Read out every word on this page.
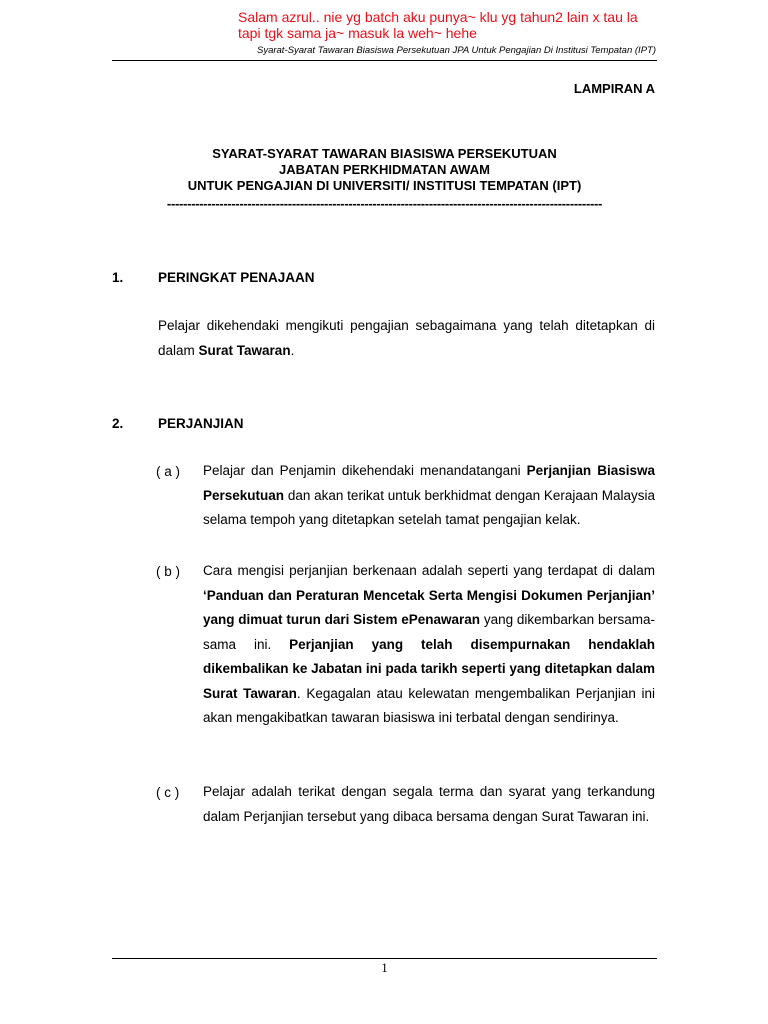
Salam azrul.. nie yg batch aku punya~ klu yg tahun2 lain x tau la
tapi tgk sama ja~ masuk la weh~ hehe
Syarat-Syarat Tawaran Biasiswa Persekutuan JPA Untuk Pengajian Di Institusi Tempatan (IPT)
LAMPIRAN A
SYARAT-SYARAT TAWARAN BIASISWA PERSEKUTUAN
JABATAN PERKHIDMATAN AWAM
UNTUK PENGAJIAN DI UNIVERSITI/ INSTITUSI TEMPATAN (IPT)
------------------------------------------------------------------------------------------------------------
1.	PERINGKAT PENAJAAN
Pelajar dikehendaki mengikuti pengajian sebagaimana yang telah ditetapkan di dalam Surat Tawaran.
2.	PERJANJIAN
( a ) Pelajar dan Penjamin dikehendaki menandatangani Perjanjian Biasiswa Persekutuan dan akan terikat untuk berkhidmat dengan Kerajaan Malaysia selama tempoh yang ditetapkan setelah tamat pengajian kelak.
( b ) Cara mengisi perjanjian berkenaan adalah seperti yang terdapat di dalam ‘Panduan dan Peraturan Mencetak Serta Mengisi Dokumen Perjanjian’ yang dimuat turun dari Sistem ePenawaran yang dikembarkan bersama-sama ini. Perjanjian yang telah disempurnakan hendaklah dikembalikan ke Jabatan ini pada tarikh seperti yang ditetapkan dalam Surat Tawaran. Kegagalan atau kelewatan mengembalikan Perjanjian ini akan mengakibatkan tawaran biasiswa ini terbatal dengan sendirinya.
( c ) Pelajar adalah terikat dengan segala terma dan syarat yang terkandung dalam Perjanjian tersebut yang dibaca bersama dengan Surat Tawaran ini.
1
